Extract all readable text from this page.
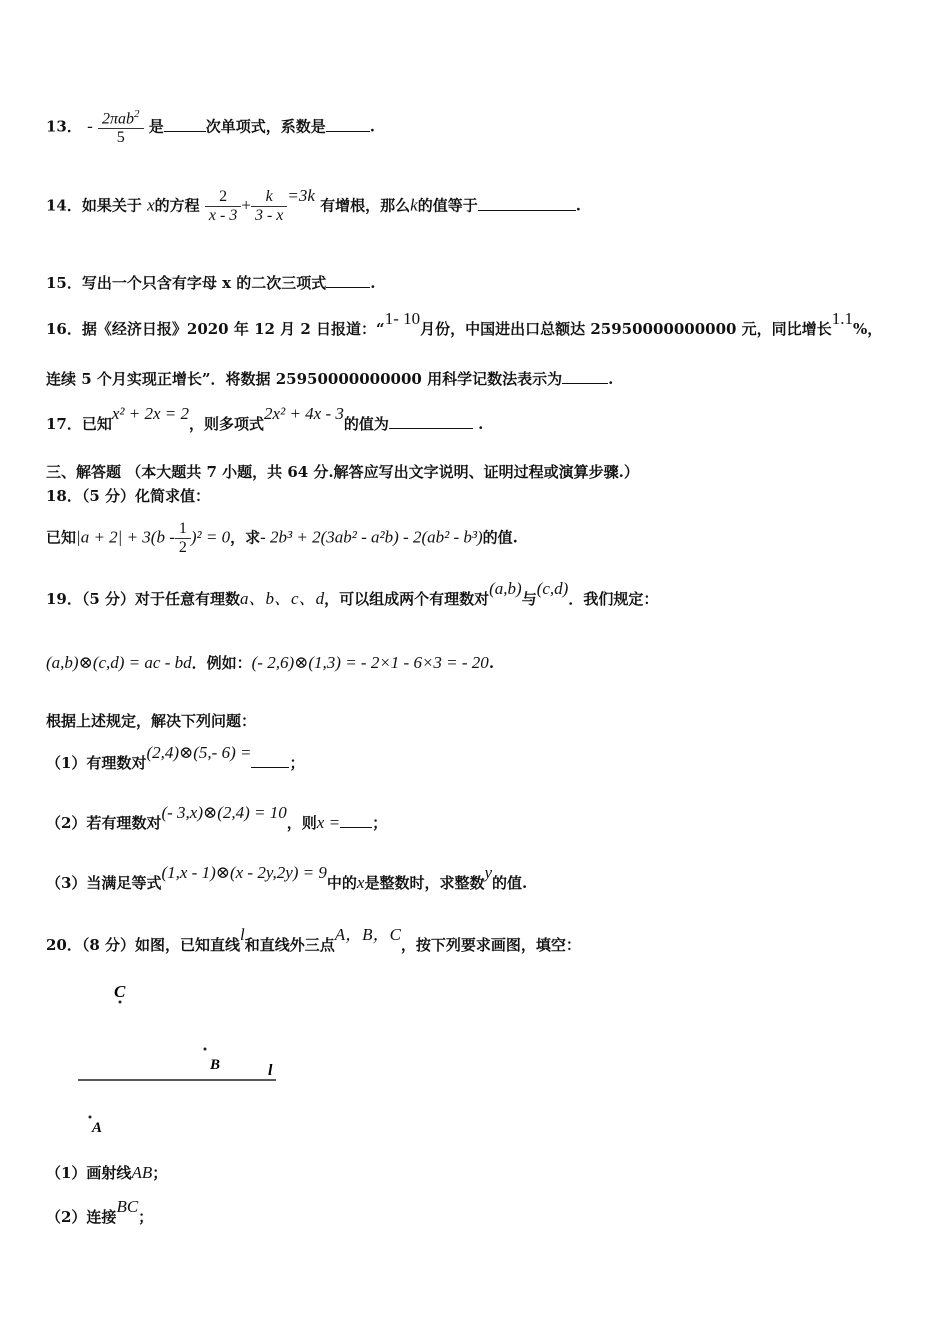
13． - $\frac{2\pi ab^2}{5}$ 是	次单项式，系数是	.
14．如果关于 x的方程 $\frac{2}{x - 3} + \frac{k}{3 - x} =3k$ 有增根，那么k的值等于	.
15．写出一个只含有字母 x 的二次三项式	.
16．据《经济日报》2020 年 12 月 2 日报道：“1- 10月份，中国进出口总额达 25950000000000 元，同比增长1.1%，
连续 5 个月实现正增长”．将数据 25950000000000 用科学记数法表示为	.
17．已知x² + 2x = 2，则多项式2x² + 4x - 3的值为	.
三、解答题 （本大题共 7 小题，共 64 分.解答应写出文字说明、证明过程或演算步骤.）
18．（5 分）化简求值：
已知$|a + 2| + 3(b - \frac{1}{2} )^2 = 0$，求- 2b³ + 2(3ab² - a²b) - 2(ab² - b³)的值.
19．（5 分）对于任意有理数a、b、c、d，可以组成两个有理数对(a,b)与(c,d)．我们规定：
(a,b)⊗(c,d) = ac - bd．例如：(- 2,6)⊗(1,3) = - 2×1 - 6×3 = - 20.
根据上述规定，解决下列问题：
（1）有理数对(2,4)⊗(5,- 6) =；
（2）若有理数对(- 3,x)⊗(2,4) = 10，则x = ；
（3）当满足等式(1,x - 1)⊗(x - 2y,2y) = 9中的x是整数时，求整数y的值.
20．（8 分）如图，已知直线l和直线外三点A，B，C，按下列要求画图，填空：
C
B	l
A
（1）画射线AB；
（2）连接BC；
